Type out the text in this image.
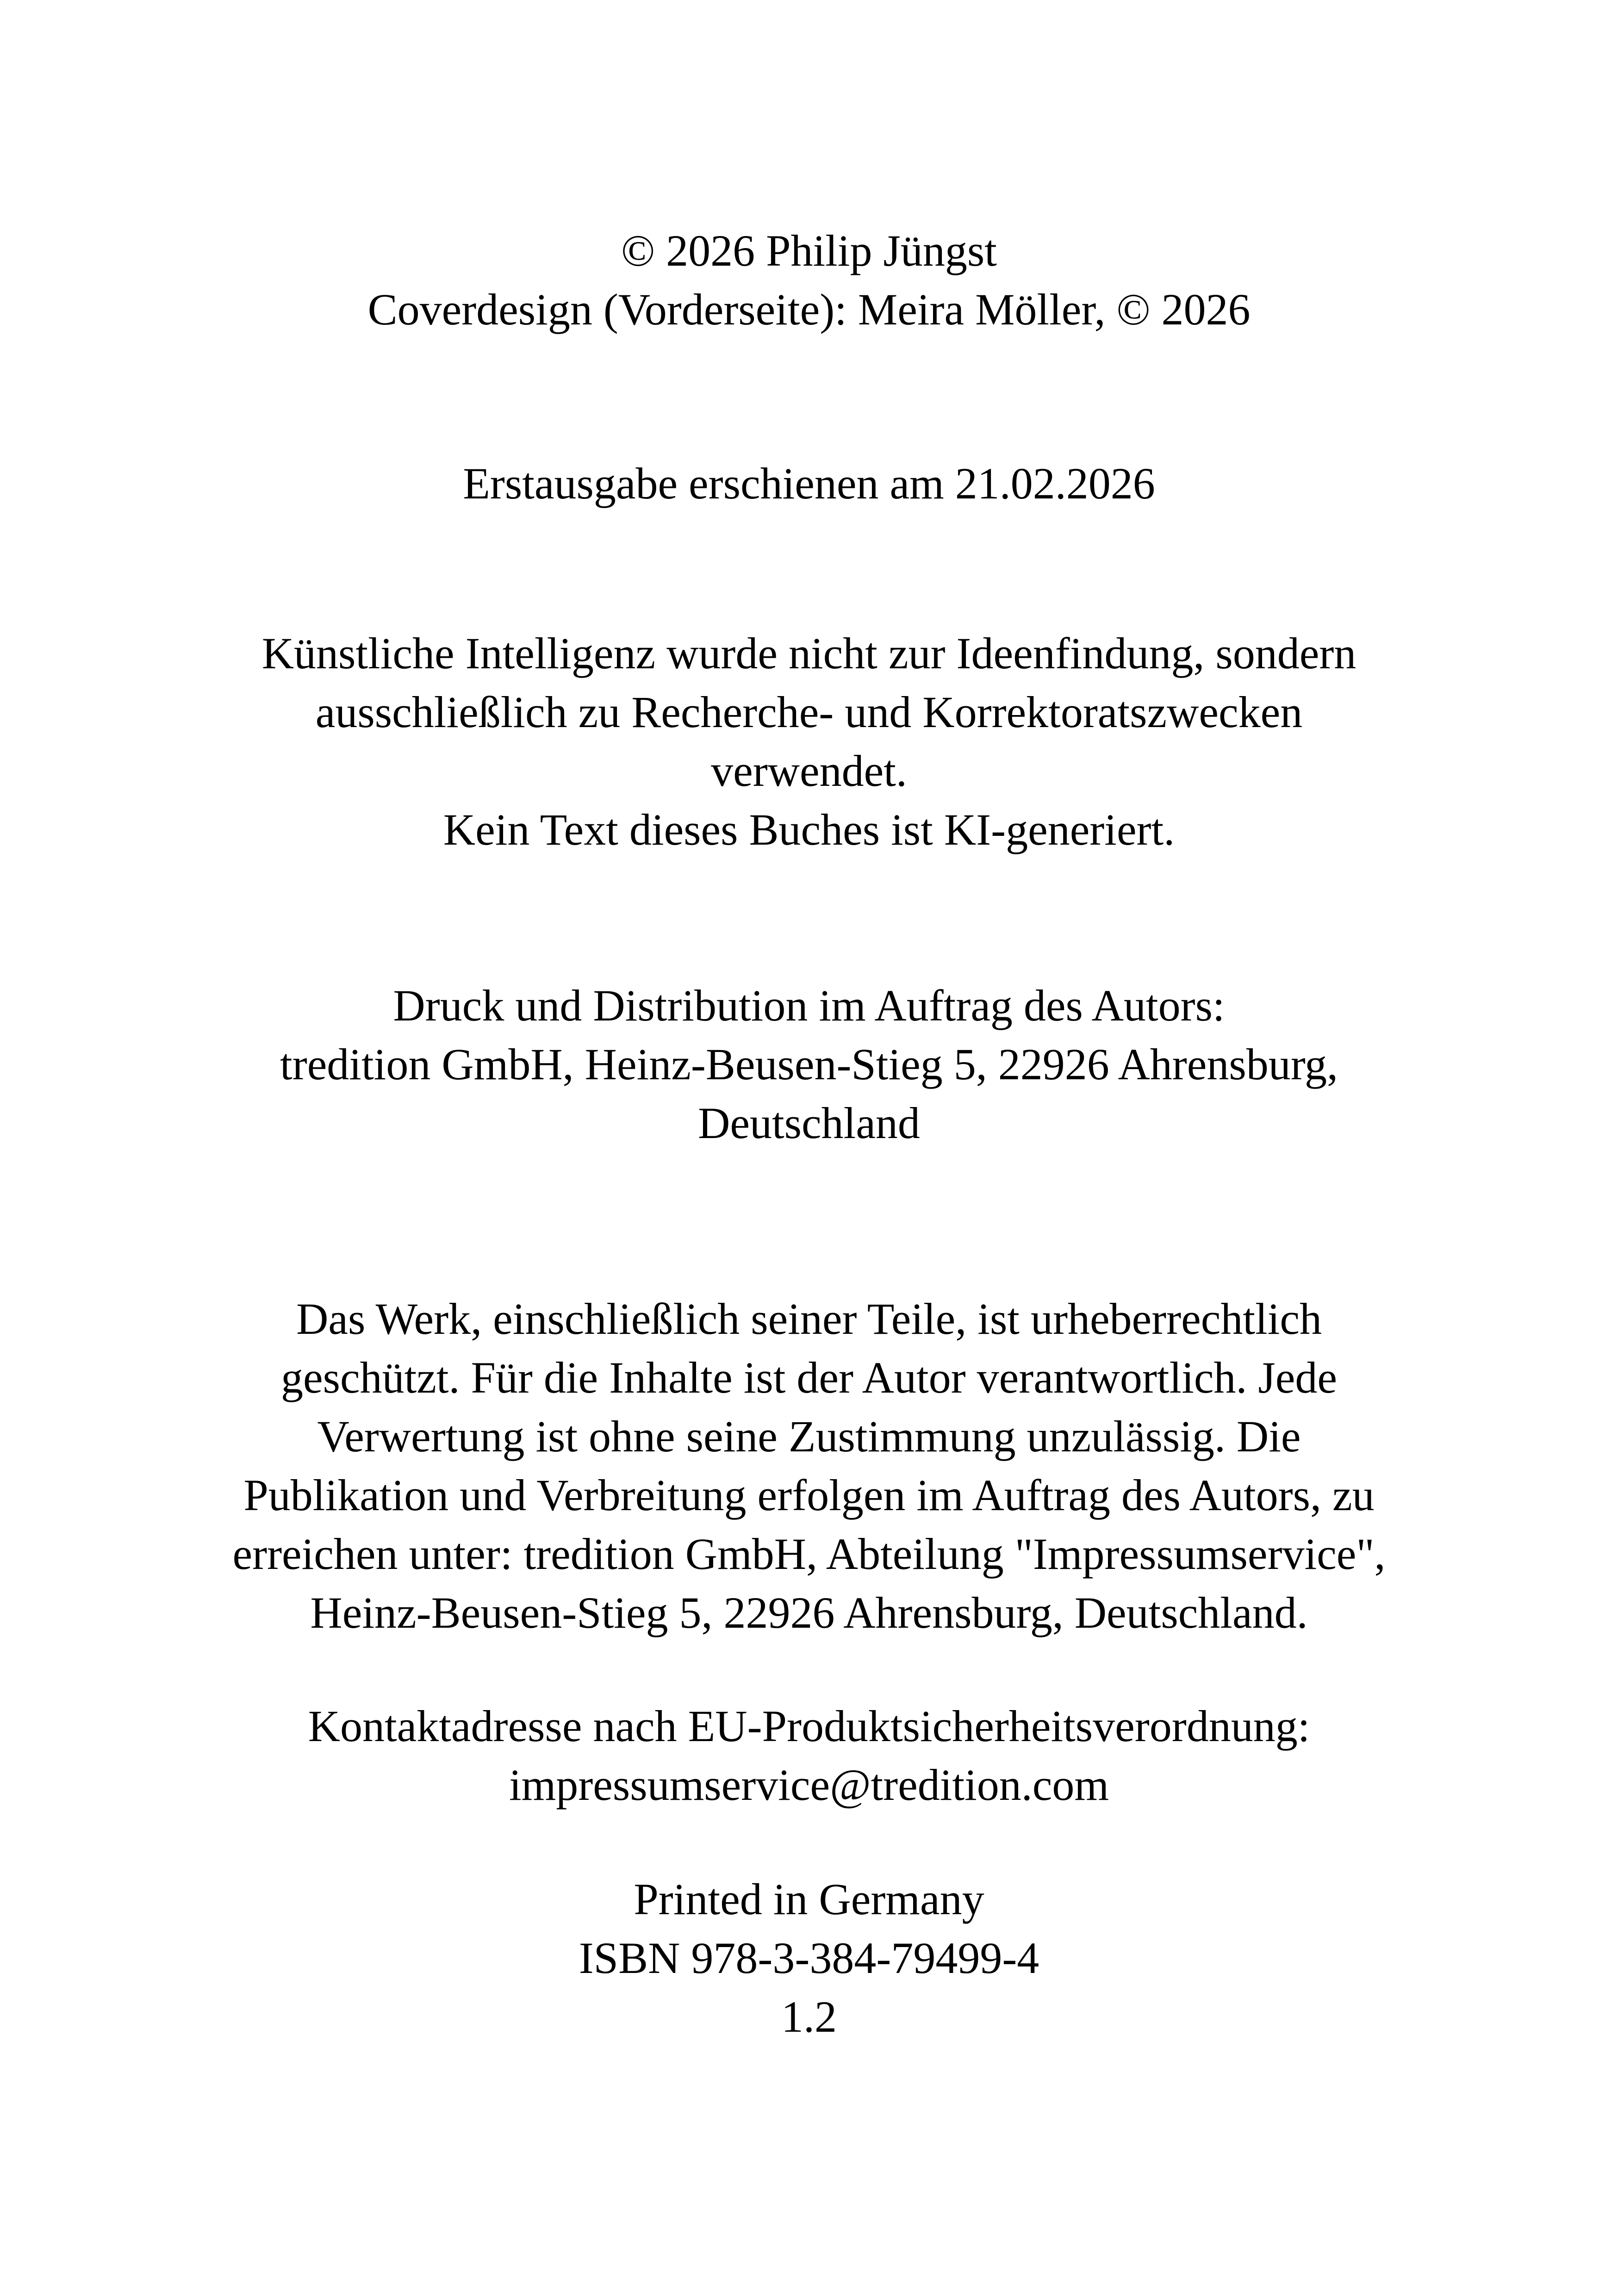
© 2026 Philip Jüngst
Coverdesign (Vorderseite): Meira Möller, © 2026
Erstausgabe erschienen am 21.02.2026
Künstliche Intelligenz wurde nicht zur Ideenfindung, sondern
ausschließlich zu Recherche- und Korrektoratszwecken
verwendet.
Kein Text dieses Buches ist KI-generiert.
Druck und Distribution im Auftrag des Autors:
tredition GmbH, Heinz-Beusen-Stieg 5, 22926 Ahrensburg,
Deutschland
Das Werk, einschließlich seiner Teile, ist urheberrechtlich
geschützt. Für die Inhalte ist der Autor verantwortlich. Jede
Verwertung ist ohne seine Zustimmung unzulässig. Die
Publikation und Verbreitung erfolgen im Auftrag des Autors, zu
erreichen unter: tredition GmbH, Abteilung "Impressumservice",
Heinz-Beusen-Stieg 5, 22926 Ahrensburg, Deutschland.
Kontaktadresse nach EU-Produktsicherheitsverordnung:
impressumservice@tredition.com
Printed in Germany
ISBN 978-3-384-79499-4
1.2
